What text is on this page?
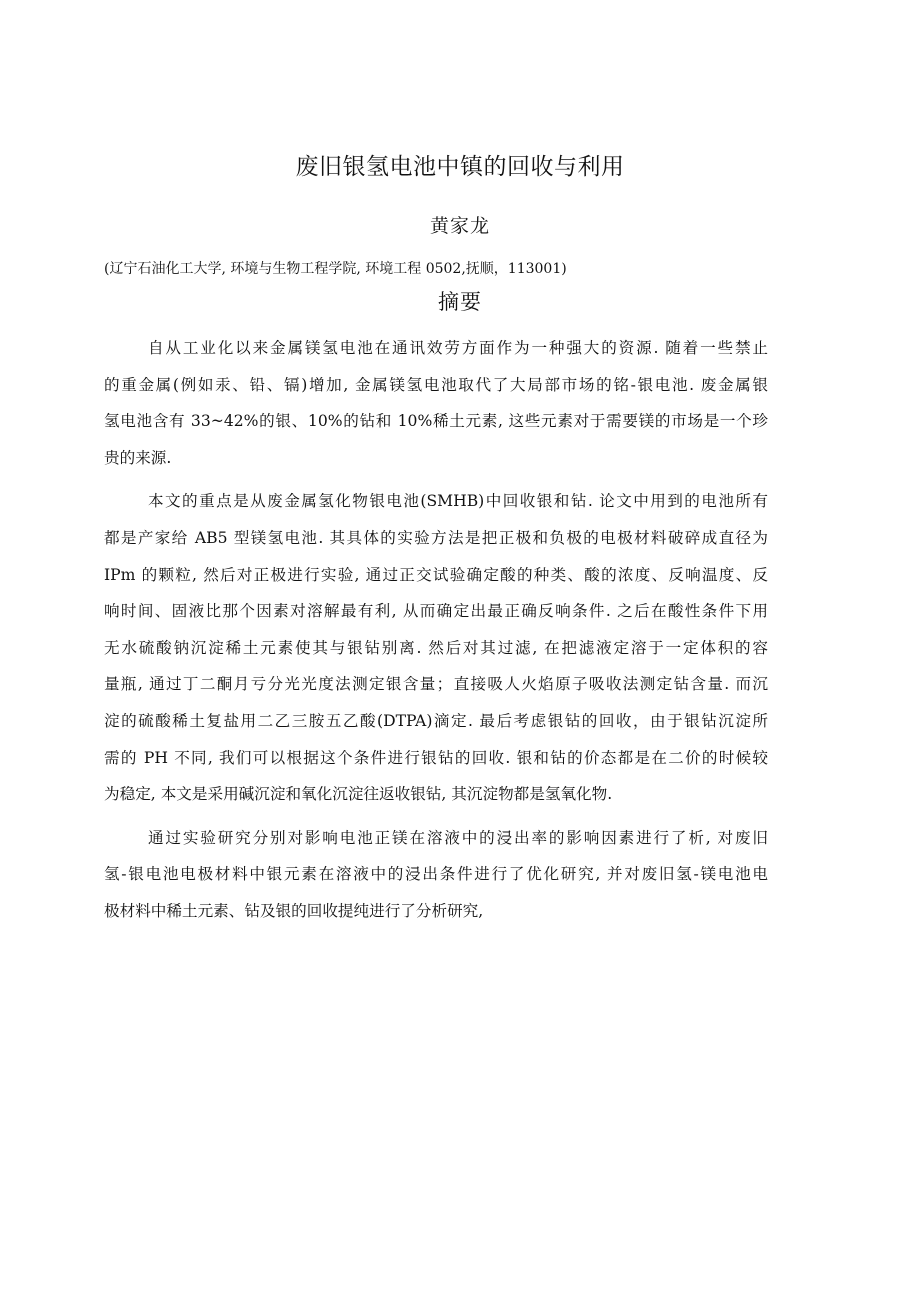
废旧银氢电池中镇的回收与利用
黄家龙
(辽宁石油化工大学, 环境与生物工程学院, 环境工程 0502,抚顺，113001)
摘要
自从工业化以来金属镁氢电池在通讯效劳方面作为一种强大的资源. 随着一些禁止
的重金属(例如汞、铅、镉)增加, 金属镁氢电池取代了大局部市场的铭-银电池. 废金属银
氢电池含有 33~42%的银、10%的钻和 10%稀土元素, 这些元素对于需要镁的市场是一个珍
贵的来源.
本文的重点是从废金属氢化物银电池(SMHB)中回收银和钻. 论文中用到的电池所有
都是产家给 AB5 型镁氢电池. 其具体的实验方法是把正极和负极的电极材料破碎成直径为
IPm 的颗粒, 然后对正极进行实验, 通过正交试验确定酸的种类、酸的浓度、反响温度、反
响时间、固液比那个因素对溶解最有利, 从而确定出最正确反响条件. 之后在酸性条件下用
无水硫酸钠沉淀稀土元素使其与银钻别离. 然后对其过滤, 在把滤液定溶于一定体积的容
量瓶, 通过丁二酮月亏分光光度法测定银含量；直接吸人火焰原子吸收法测定钻含量. 而沉
淀的硫酸稀土复盐用二乙三胺五乙酸(DTPA)滴定. 最后考虑银钻的回收，由于银钻沉淀所
需的 PH 不同, 我们可以根据这个条件进行银钻的回收. 银和钻的价态都是在二价的时候较
为稳定, 本文是采用碱沉淀和氧化沉淀往返收银钻, 其沉淀物都是氢氧化物.
通过实验研究分别对影响电池正镁在溶液中的浸出率的影响因素进行了析, 对废旧
氢-银电池电极材料中银元素在溶液中的浸出条件进行了优化研究, 并对废旧氢-镁电池电
极材料中稀土元素、钻及银的回收提纯进行了分析研究,
